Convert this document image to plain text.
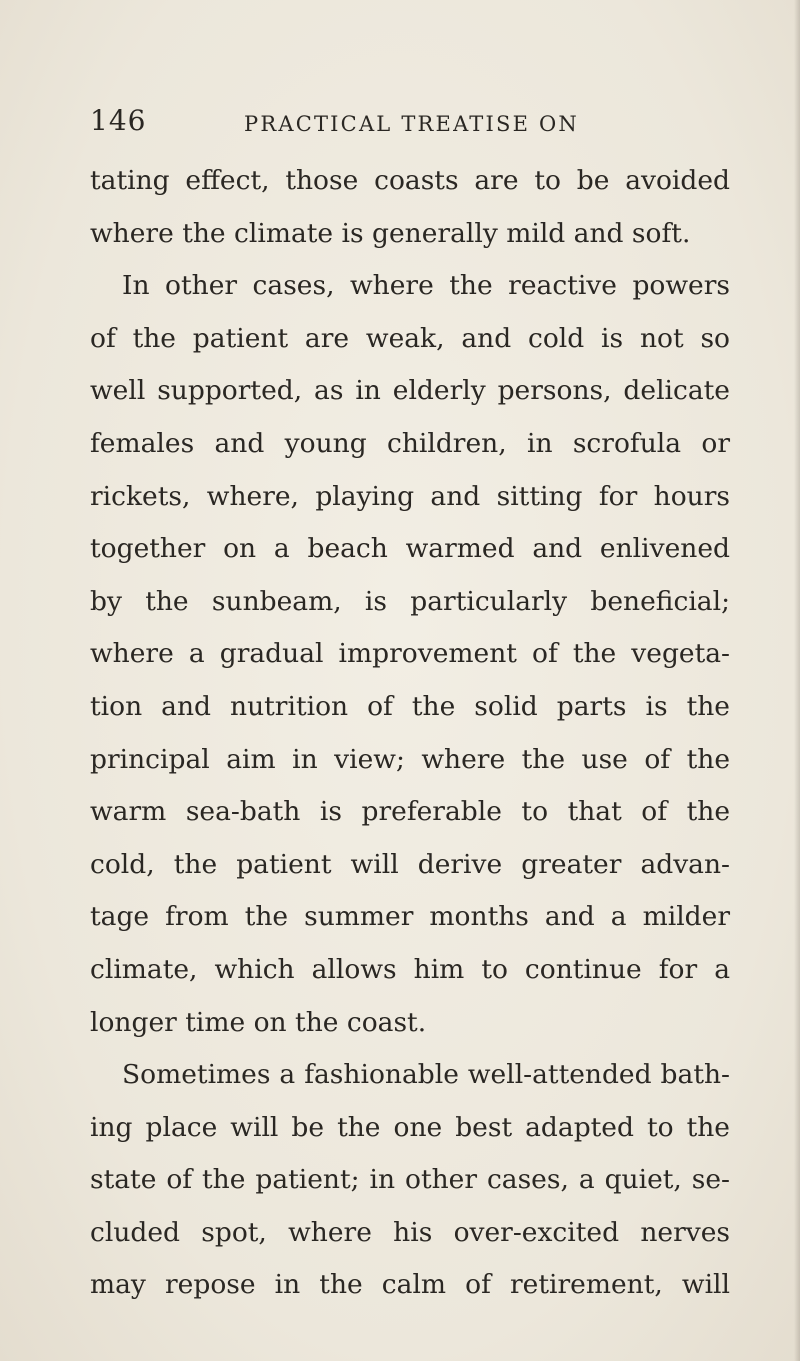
146	PRACTICAL TREATISE ON
tating effect, those coasts are to be avoided
where the climate is generally mild and soft.
In other cases, where the reactive powers
of the patient are weak, and cold is not so
well supported, as in elderly persons, delicate
females and young children, in scrofula or
rickets, where, playing and sitting for hours
together on a beach warmed and enlivened
by the sunbeam, is particularly beneficial;
where a gradual improvement of the vegeta-
tion and nutrition of the solid parts is the
principal aim in view; where the use of the
warm sea-bath is preferable to that of the
cold, the patient will derive greater advan-
tage from the summer months and a milder
climate, which allows him to continue for a
longer time on the coast.
Sometimes a fashionable well-attended bath-
ing place will be the one best adapted to the
state of the patient; in other cases, a quiet, se-
cluded spot, where his over-excited nerves
may repose in the calm of retirement, will
